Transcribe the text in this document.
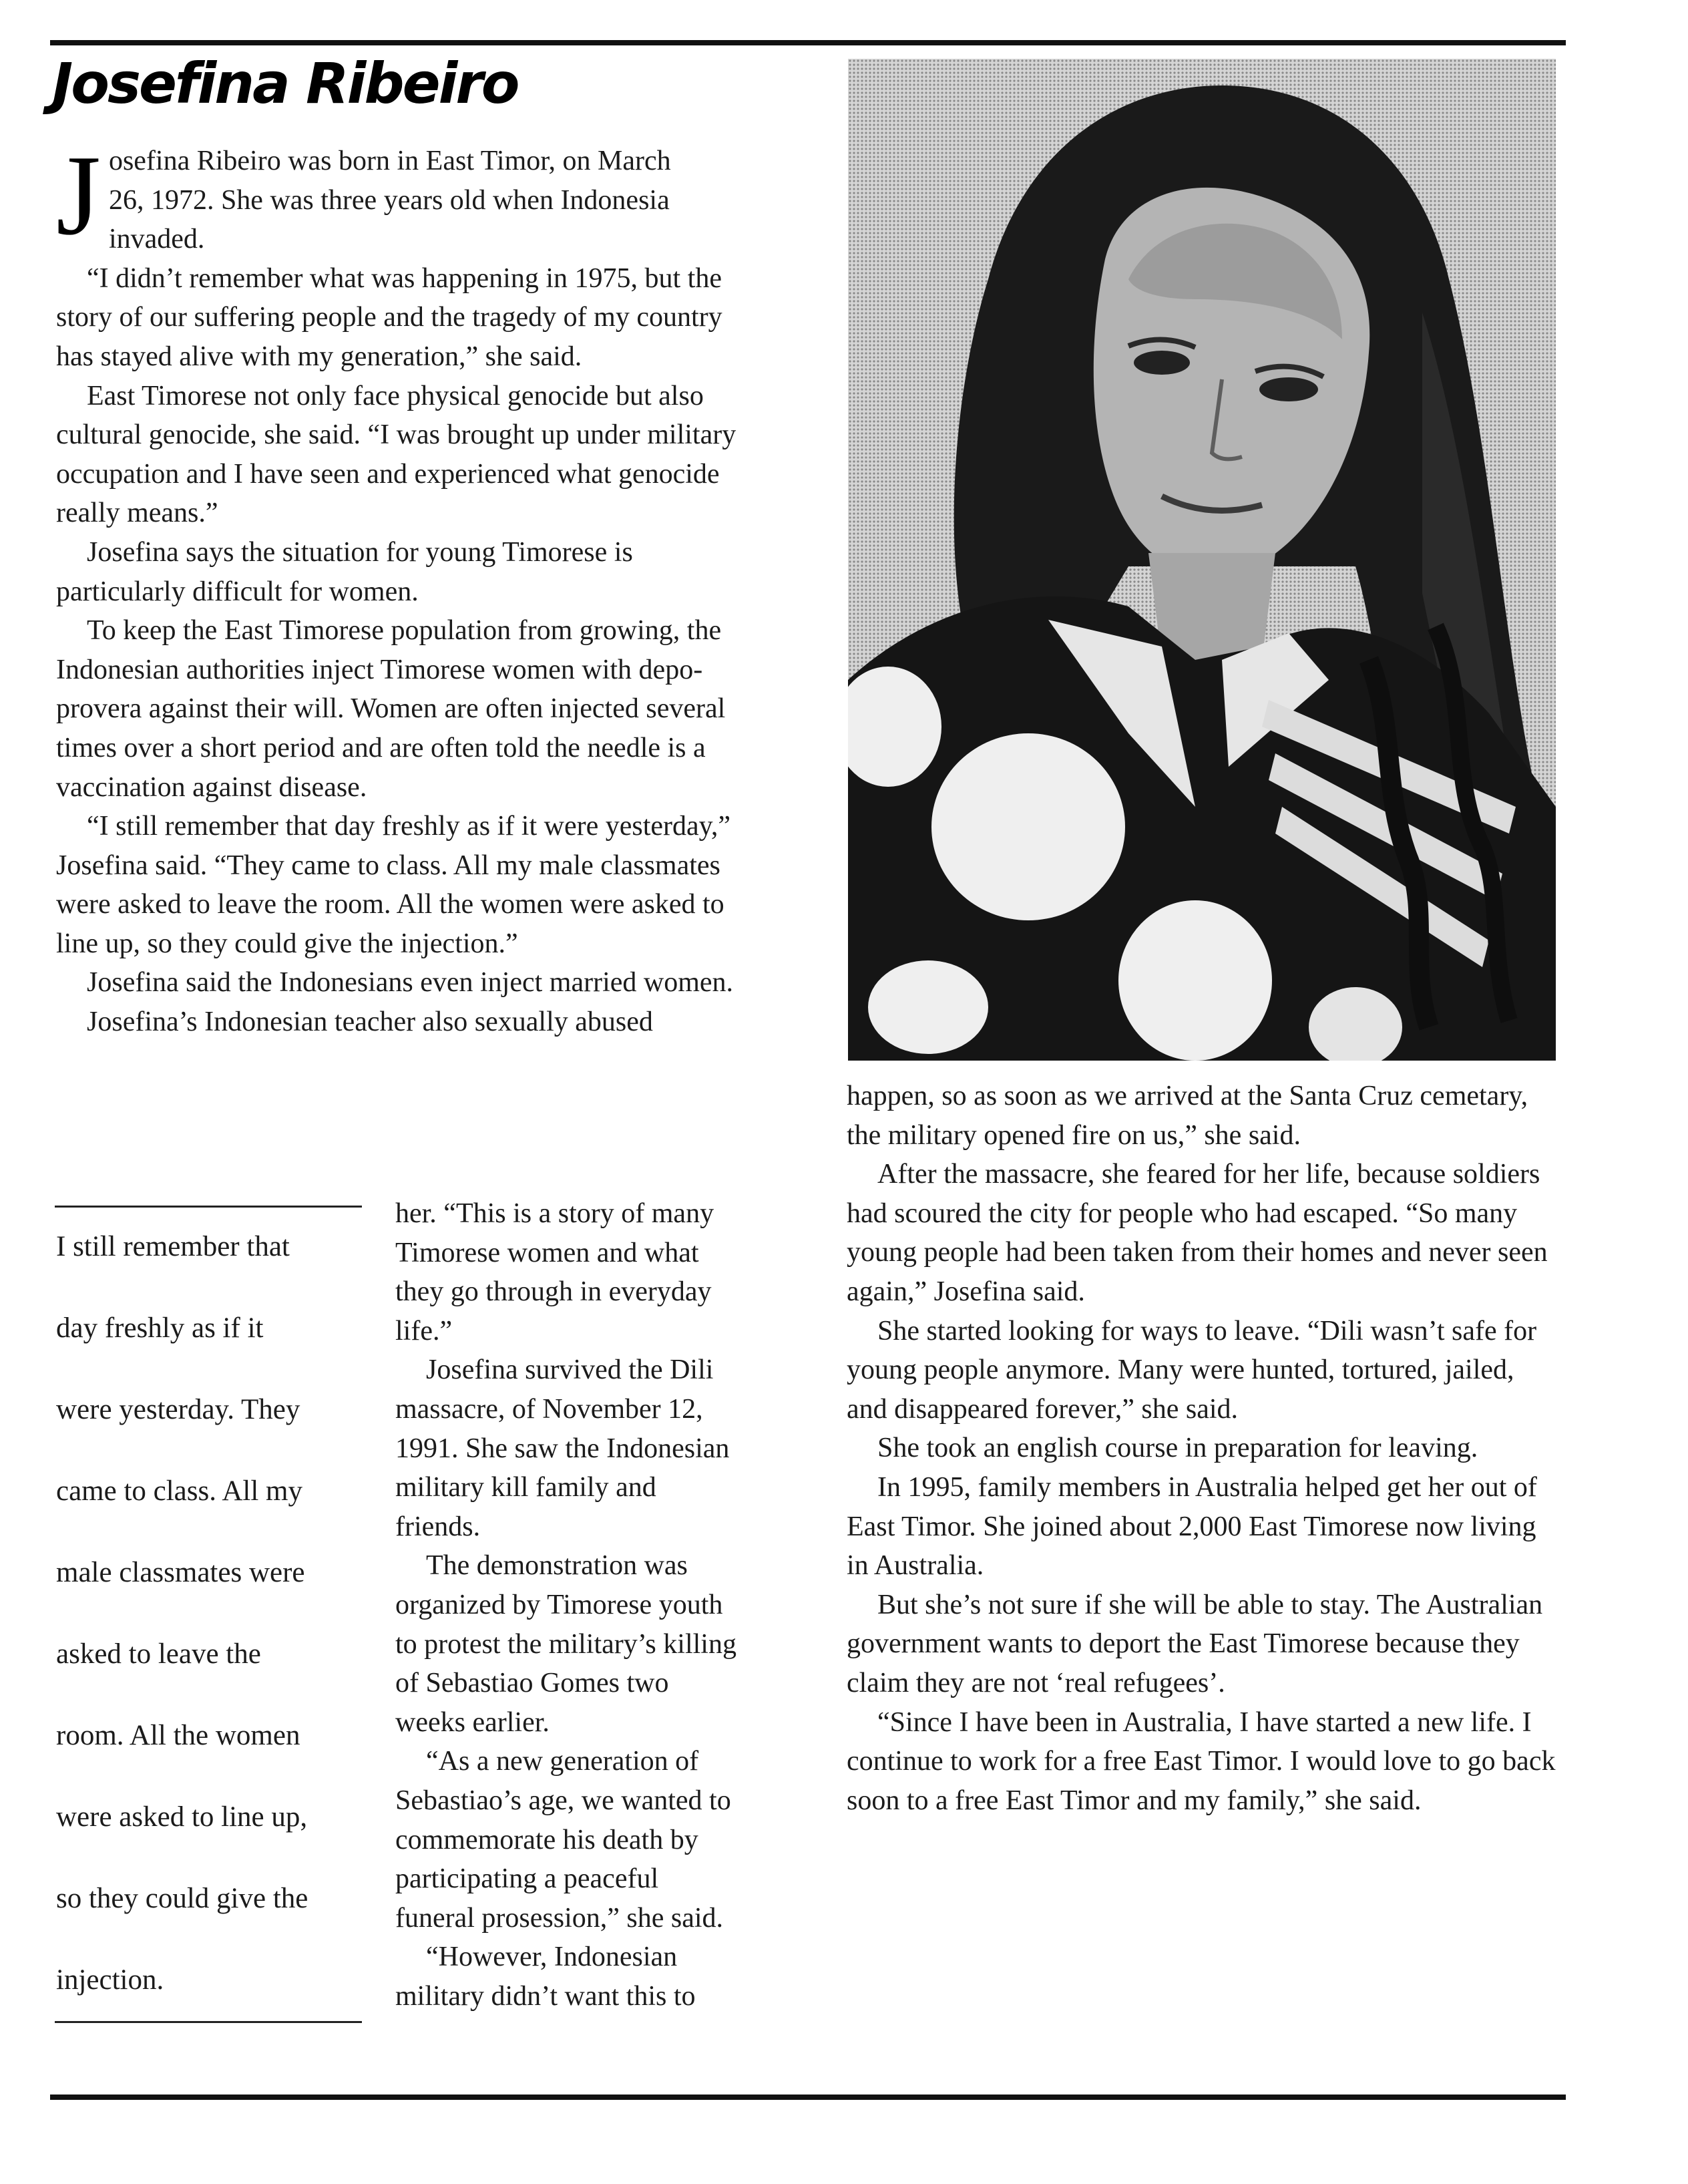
Josefina Ribeiro
J osefina Ribeiro was born in East Timor, on March
26, 1972. She was three years old when Indonesia
invaded.

“I didn’t remember what was happening in 1975, but the story of our suffering people and the tragedy of my country has stayed alive with my generation,” she said.

East Timorese not only face physical genocide but also cultural genocide, she said. “I was brought up under military occupation and I have seen and experienced what genocide really means.”

Josefina says the situation for young Timorese is particularly difficult for women.

To keep the East Timorese population from growing, the Indonesian authorities inject Timorese women with depo-provera against their will. Women are often injected several times over a short period and are often told the needle is a vaccination against disease.

“I still remember that day freshly as if it were yesterday,” Josefina said. “They came to class. All my male classmates were asked to leave the room. All the women were asked to line up, so they could give the injection.”

Josefina said the Indonesians even inject married women.

Josefina’s Indonesian teacher also sexually abused

I still remember that
day freshly as if it
were yesterday. They
came to class. All my
male classmates were
asked to leave the
room. All the women
were asked to line up,
so they could give the
injection.

her. “This is a story of many Timorese women and what they go through in everyday life.”

Josefina survived the Dili massacre, of November 12, 1991. She saw the Indonesian military kill family and friends.

The demonstration was organized by Timorese youth to protest the military’s killing of Sebastiao Gomes two weeks earlier.

“As a new generation of Sebastiao’s age, we wanted to commemorate his death by participating a peaceful funeral prosession,” she said.

“However, Indonesian military didn’t want this to

happen, so as soon as we arrived at the Santa Cruz cemetary, the military opened fire on us,” she said.

After the massacre, she feared for her life, because soldiers had scoured the city for people who had escaped. “So many young people had been taken from their homes and never seen again,” Josefina said.

She started looking for ways to leave. “Dili wasn’t safe for young people anymore. Many were hunted, tortured, jailed, and disappeared forever,” she said.

She took an english course in preparation for leaving.

In 1995, family members in Australia helped get her out of East Timor. She joined about 2,000 East Timorese now living in Australia.

But she’s not sure if she will be able to stay. The Australian government wants to deport the East Timorese because they claim they are not ‘real refugees’.

“Since I have been in Australia, I have started a new life. I continue to work for a free East Timor. I would love to go back soon to a free East Timor and my family,” she said.
